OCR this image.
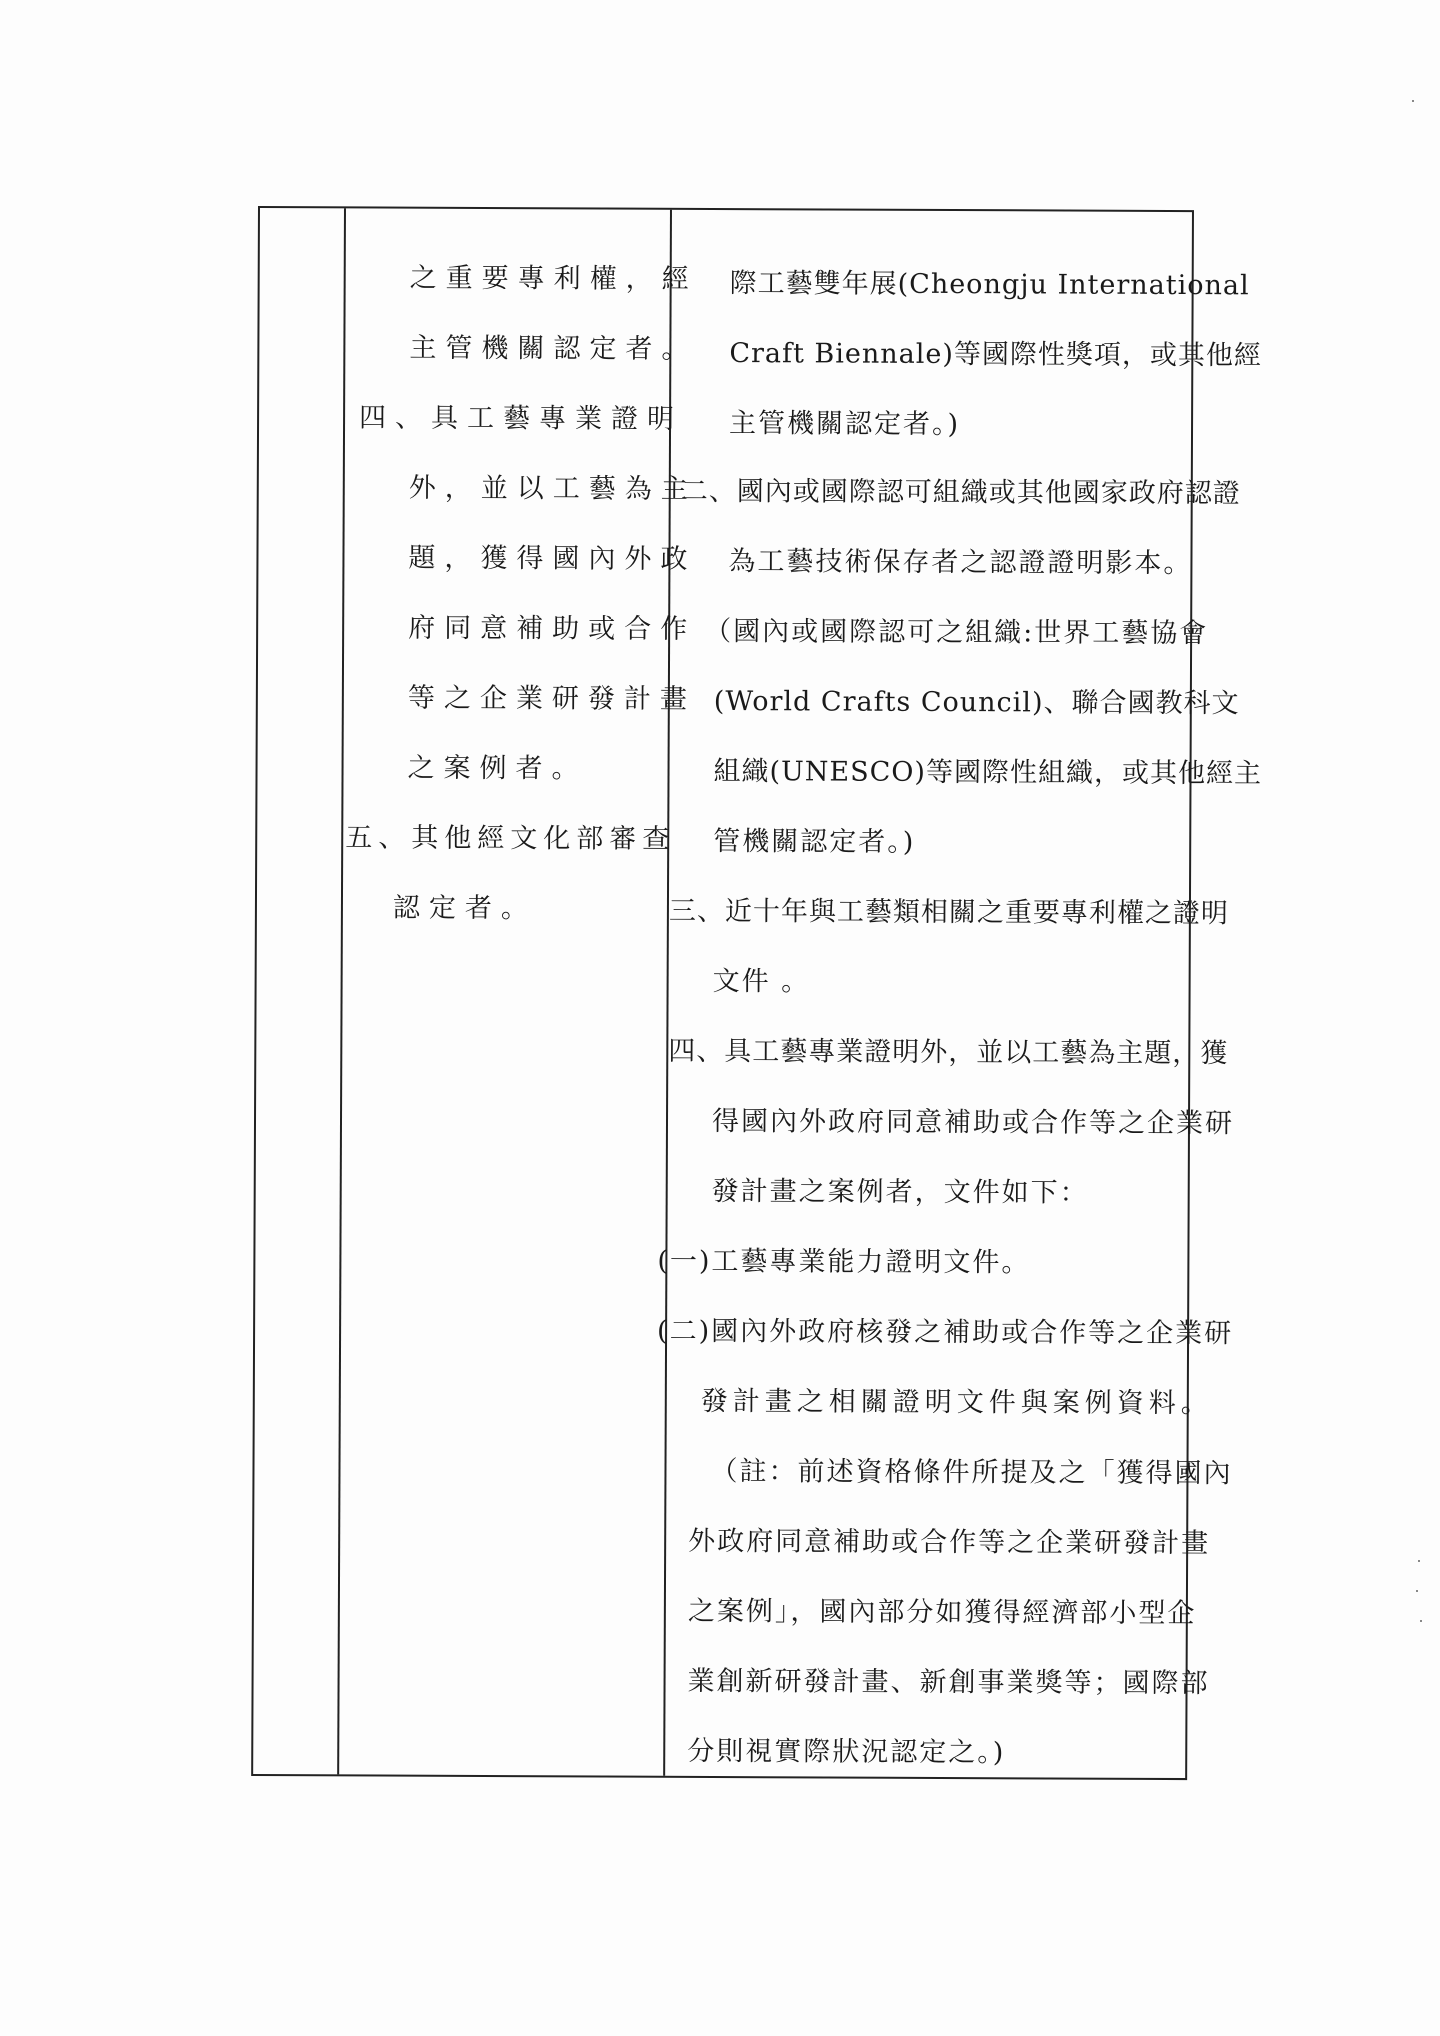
之重要專利權，經
主管機關認定者。
四、具工藝專業證明
外，並以工藝為主
題，獲得國內外政
府同意補助或合作
等之企業研發計畫
之案例者。
五、其他經文化部審查
認定者。
際工藝雙年展(Cheongju International
Craft Biennale)等國際性獎項，或其他經
主管機關認定者。)
二、國內或國際認可組織或其他國家政府認證
為工藝技術保存者之認證證明影本。
（國內或國際認可之組織:世界工藝協會
(World Crafts Council)、聯合國教科文
組織(UNESCO)等國際性組織，或其他經主
管機關認定者。)
三、近十年與工藝類相關之重要專利權之證明
文件 。
四、具工藝專業證明外，並以工藝為主題，獲
得國內外政府同意補助或合作等之企業研
發計畫之案例者，文件如下：
(一)工藝專業能力證明文件。
(二)國內外政府核發之補助或合作等之企業研
發計畫之相關證明文件與案例資料。
（註：前述資格條件所提及之「獲得國內
外政府同意補助或合作等之企業研發計畫
之案例」，國內部分如獲得經濟部小型企
業創新研發計畫、新創事業獎等；國際部
分則視實際狀況認定之。)
